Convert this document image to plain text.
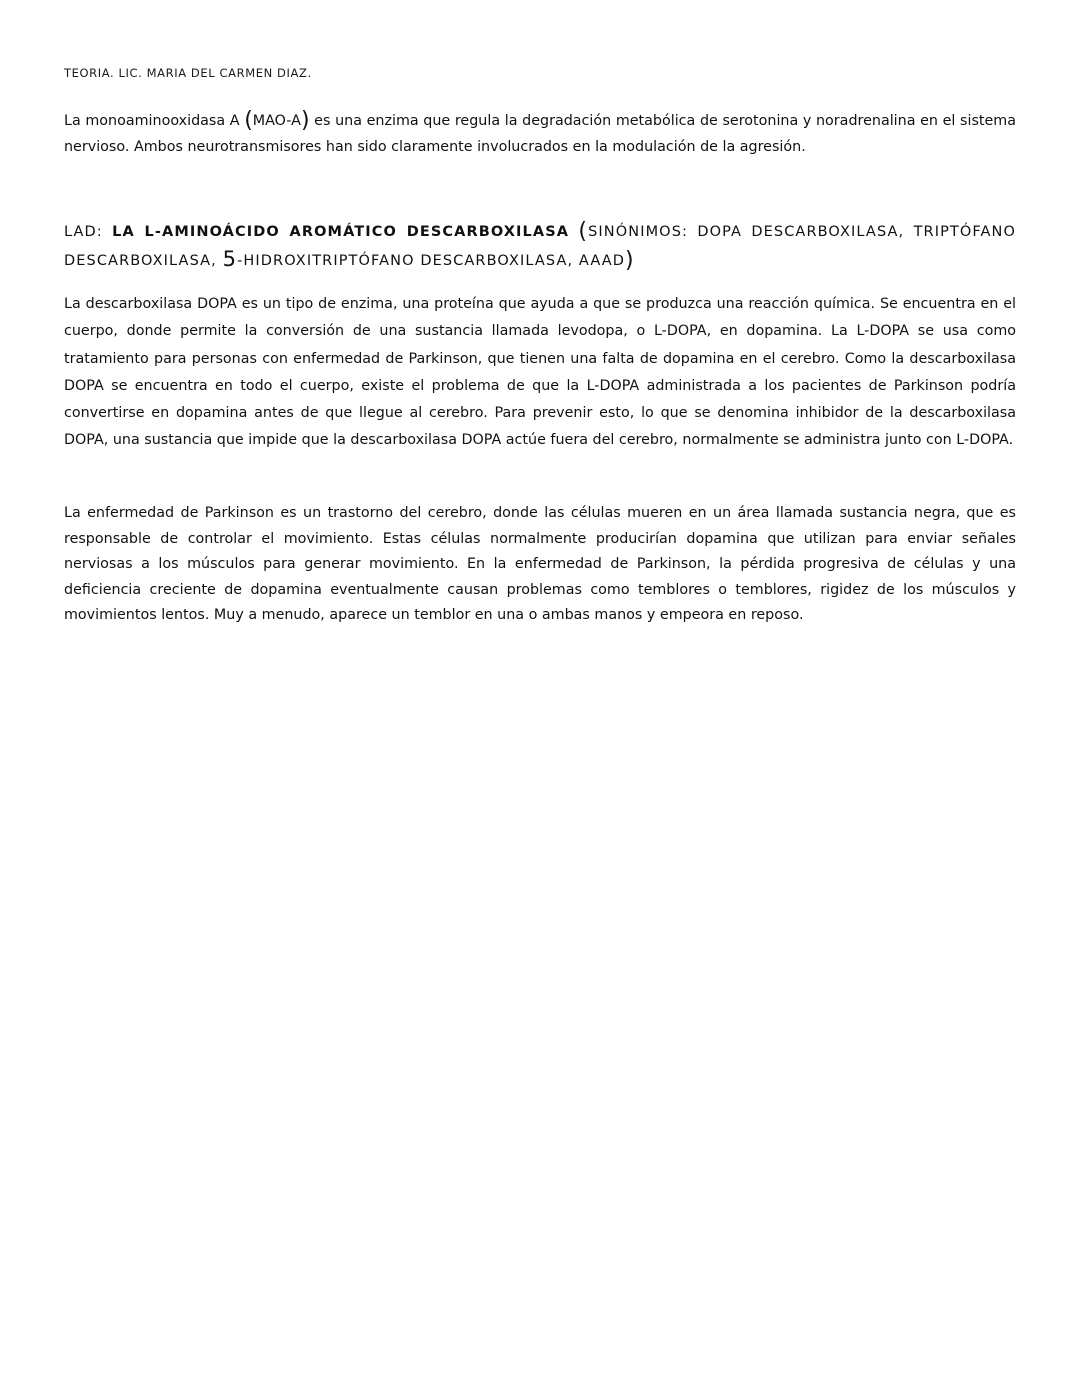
TEORIA. LIC. MARIA DEL CARMEN DIAZ.

La monoaminooxidasa A (MAO-A) es una enzima que regula la degradación metabólica de serotonina y noradrenalina en el sistema nervioso. Ambos neurotransmisores han sido claramente involucrados en la modulación de la agresión.

LAD: LA L-AMINOÁCIDO AROMÁTICO DESCARBOXILASA (SINÓNIMOS: DOPA DESCARBOXILASA, TRIPTÓFANO DESCARBOXILASA, 5-HIDROXITRIPTÓFANO DESCARBOXILASA, AAAD)

La descarboxilasa DOPA es un tipo de enzima, una proteína que ayuda a que se produzca una reacción química. Se encuentra en el cuerpo, donde permite la conversión de una sustancia llamada levodopa, o L-DOPA, en dopamina. La L-DOPA se usa como tratamiento para personas con enfermedad de Parkinson, que tienen una falta de dopamina en el cerebro. Como la descarboxilasa DOPA se encuentra en todo el cuerpo, existe el problema de que la L-DOPA administrada a los pacientes de Parkinson podría convertirse en dopamina antes de que llegue al cerebro. Para prevenir esto, lo que se denomina inhibidor de la descarboxilasa DOPA, una sustancia que impide que la descarboxilasa DOPA actúe fuera del cerebro, normalmente se administra junto con L-DOPA.

La enfermedad de Parkinson es un trastorno del cerebro, donde las células mueren en un área llamada sustancia negra, que es responsable de controlar el movimiento. Estas células normalmente producirían dopamina que utilizan para enviar señales nerviosas a los músculos para generar movimiento. En la enfermedad de Parkinson, la pérdida progresiva de células y una deficiencia creciente de dopamina eventualmente causan problemas como temblores o temblores, rigidez de los músculos y movimientos lentos. Muy a menudo, aparece un temblor en una o ambas manos y empeora en reposo.
